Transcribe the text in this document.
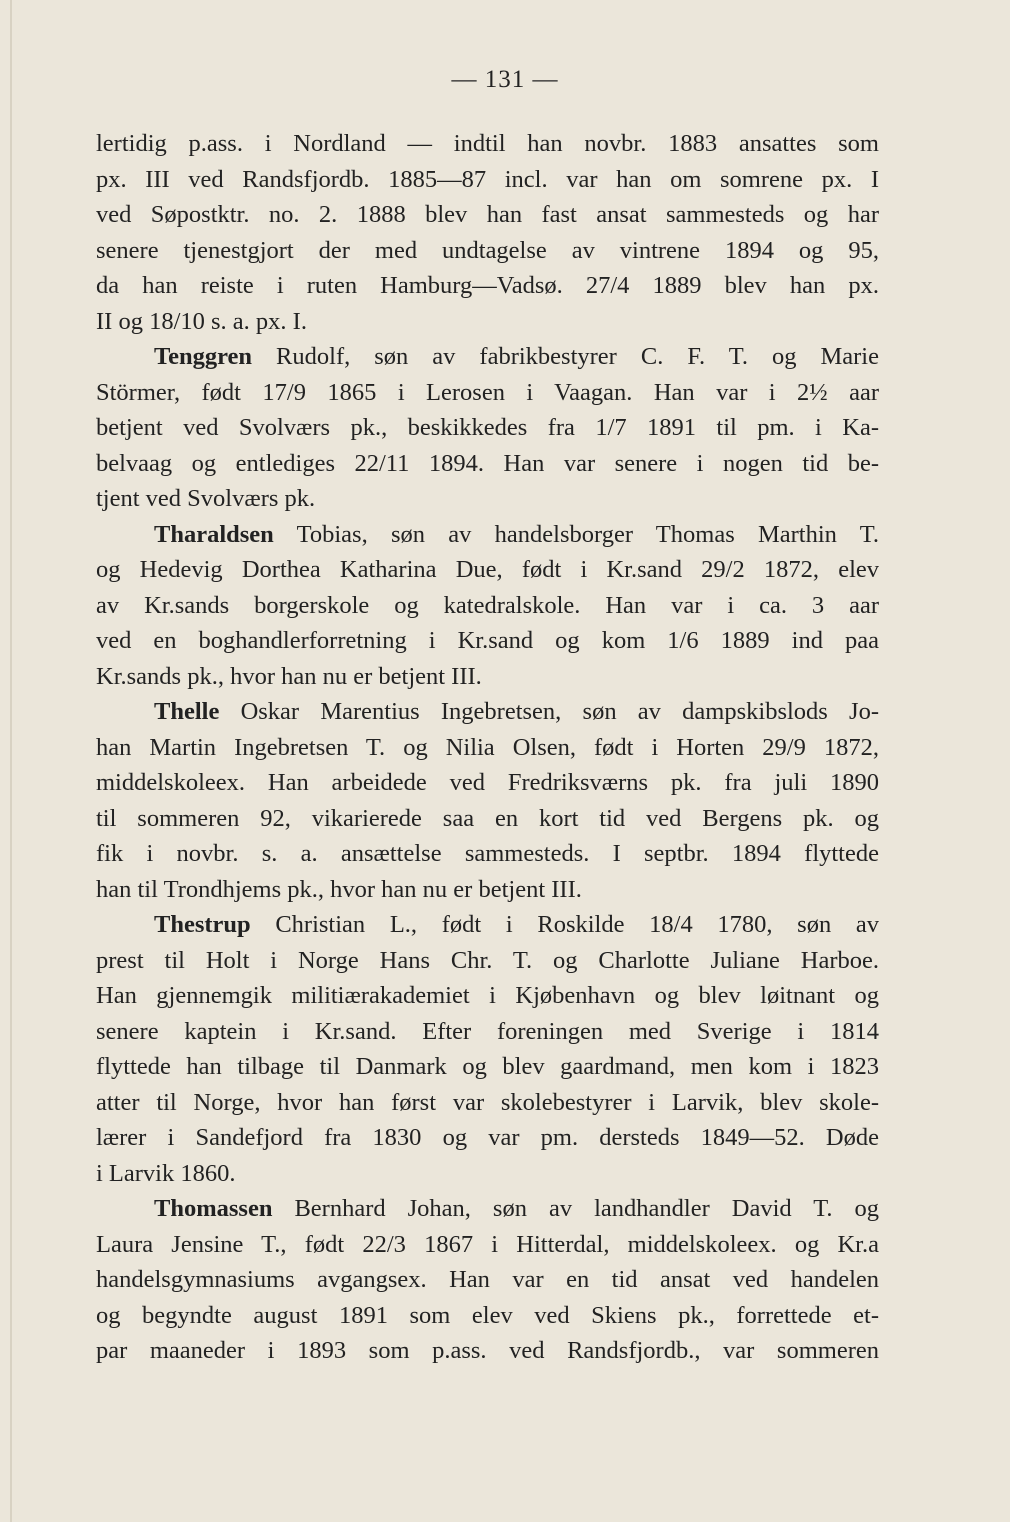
— 131 —
lertidig p.ass. i Nordland — indtil han novbr. 1883 ansattes som
px. III ved Randsfjordb. 1885—87 incl. var han om somrene px. I
ved Søpostktr. no. 2. 1888 blev han fast ansat sammesteds og har
senere tjenestgjort der med undtagelse av vintrene 1894 og 95,
da han reiste i ruten Hamburg—Vadsø. 27/4 1889 blev han px.
II og 18/10 s. a. px. I.
Tenggren Rudolf, søn av fabrikbestyrer C. F. T. og Marie
Störmer, født 17/9 1865 i Lerosen i Vaagan. Han var i 2½ aar
betjent ved Svolværs pk., beskikkedes fra 1/7 1891 til pm. i Ka-
belvaag og entlediges 22/11 1894. Han var senere i nogen tid be-
tjent ved Svolværs pk.
Tharaldsen Tobias, søn av handelsborger Thomas Marthin T.
og Hedevig Dorthea Katharina Due, født i Kr.sand 29/2 1872, elev
av Kr.sands borgerskole og katedralskole. Han var i ca. 3 aar
ved en boghandlerforretning i Kr.sand og kom 1/6 1889 ind paa
Kr.sands pk., hvor han nu er betjent III.
Thelle Oskar Marentius Ingebretsen, søn av dampskibslods Jo-
han Martin Ingebretsen T. og Nilia Olsen, født i Horten 29/9 1872,
middelskoleex. Han arbeidede ved Fredriksværns pk. fra juli 1890
til sommeren 92, vikarierede saa en kort tid ved Bergens pk. og
fik i novbr. s. a. ansættelse sammesteds. I septbr. 1894 flyttede
han til Trondhjems pk., hvor han nu er betjent III.
Thestrup Christian L., født i Roskilde 18/4 1780, søn av
prest til Holt i Norge Hans Chr. T. og Charlotte Juliane Harboe.
Han gjennemgik militiærakademiet i Kjøbenhavn og blev løitnant og
senere kaptein i Kr.sand. Efter foreningen med Sverige i 1814
flyttede han tilbage til Danmark og blev gaardmand, men kom i 1823
atter til Norge, hvor han først var skolebestyrer i Larvik, blev skole-
lærer i Sandefjord fra 1830 og var pm. dersteds 1849—52. Døde
i Larvik 1860.
Thomassen Bernhard Johan, søn av landhandler David T. og
Laura Jensine T., født 22/3 1867 i Hitterdal, middelskoleex. og Kr.a
handelsgymnasiums avgangsex. Han var en tid ansat ved handelen
og begyndte august 1891 som elev ved Skiens pk., forrettede et-
par maaneder i 1893 som p.ass. ved Randsfjordb., var sommeren
